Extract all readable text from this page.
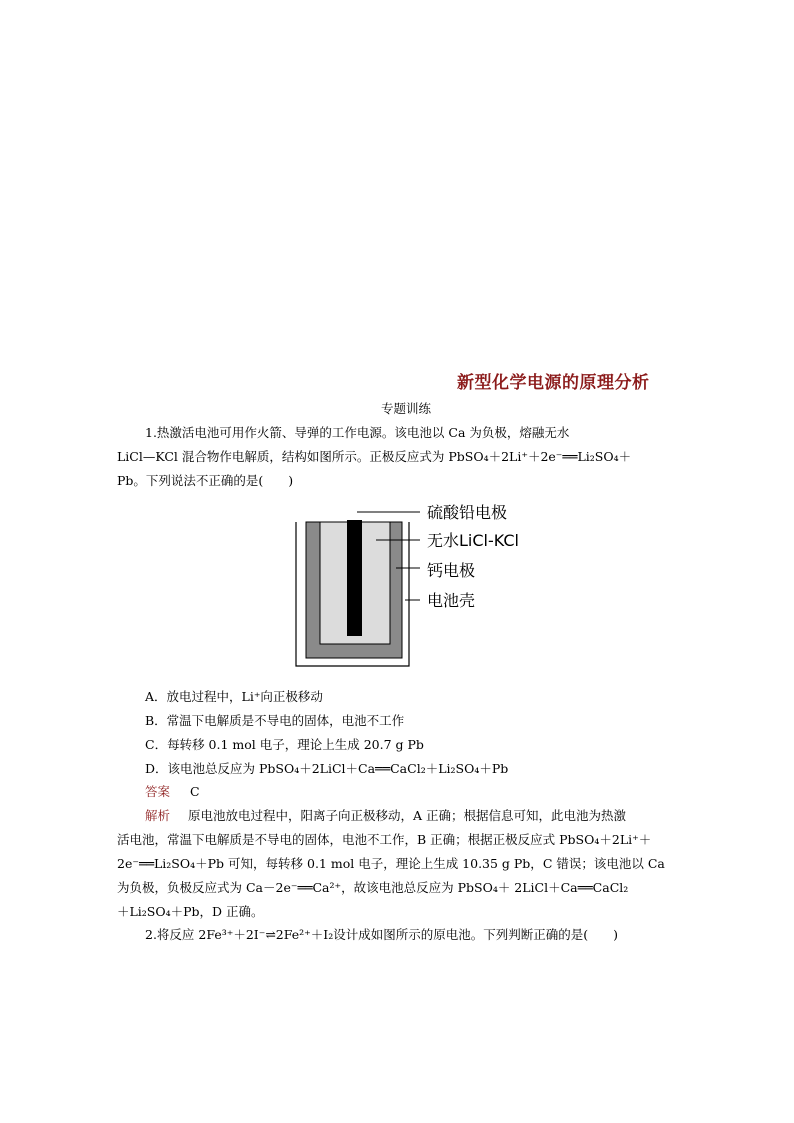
新型化学电源的原理分析
专题训练
1.热激活电池可用作火箭、导弹的工作电源。该电池以 Ca 为负极，熔融无水
LiCl—KCl 混合物作电解质，结构如图所示。正极反应式为 PbSO₄＋2Li⁺＋2e⁻══Li₂SO₄＋
Pb。下列说法不正确的是(　　)
硫酸铅电极
无水LiCl-KCl
钙电极
电池壳
A．放电过程中，Li⁺向正极移动
B．常温下电解质是不导电的固体，电池不工作
C．每转移 0.1 mol 电子，理论上生成 20.7 g Pb
D．该电池总反应为 PbSO₄＋2LiCl＋Ca══CaCl₂＋Li₂SO₄＋Pb
答案 C
解析 原电池放电过程中，阳离子向正极移动，A 正确；根据信息可知，此电池为热激
活电池，常温下电解质是不导电的固体，电池不工作，B 正确；根据正极反应式 PbSO₄＋2Li⁺＋
2e⁻══Li₂SO₄＋Pb 可知，每转移 0.1 mol 电子，理论上生成 10.35 g Pb，C 错误；该电池以 Ca
为负极，负极反应式为 Ca－2e⁻══Ca²⁺，故该电池总反应为 PbSO₄＋ 2LiCl＋Ca══CaCl₂
＋Li₂SO₄＋Pb，D 正确。
2.将反应 2Fe³⁺＋2I⁻⇌2Fe²⁺＋I₂设计成如图所示的原电池。下列判断正确的是(　　)
